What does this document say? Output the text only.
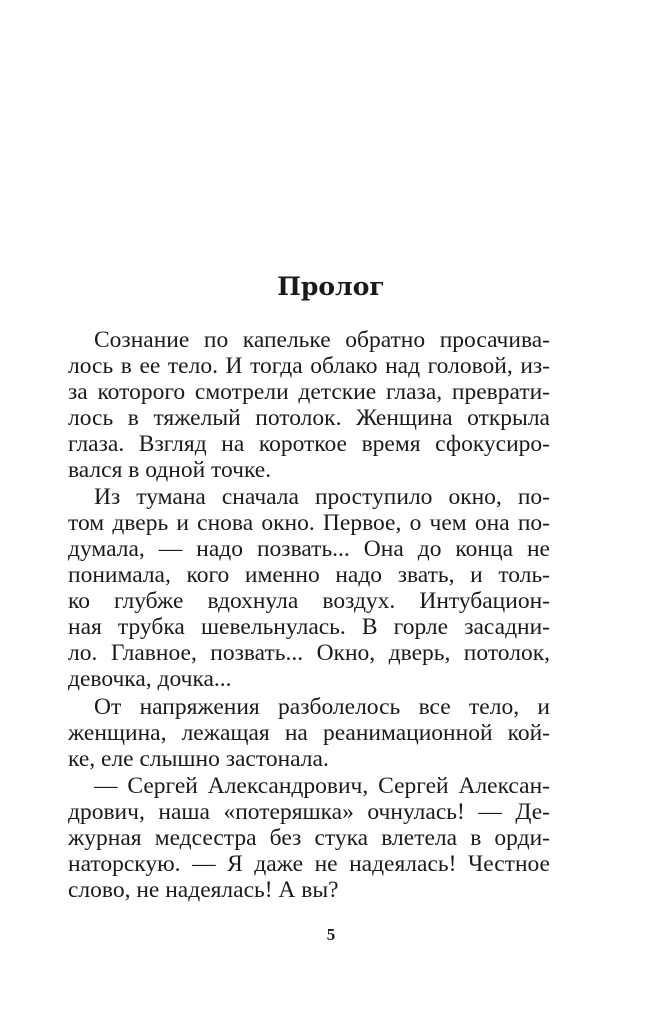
Пролог
Сознание по капельке обратно просачива-
лось в ее тело. И тогда облако над головой, из-
за которого смотрели детские глаза, преврати-
лось в тяжелый потолок. Женщина открыла
глаза. Взгляд на короткое время сфокусиро-
вался в одной точке.
Из тумана сначала проступило окно, по-
том дверь и снова окно. Первое, о чем она по-
думала, — надо позвать... Она до конца не
понимала, кого именно надо звать, и толь-
ко глубже вдохнула воздух. Интубацион-
ная трубка шевельнулась. В горле засадни-
ло. Главное, позвать... Окно, дверь, потолок,
девочка, дочка...
От напряжения разболелось все тело, и
женщина, лежащая на реанимационной кой-
ке, еле слышно застонала.
— Сергей Александрович, Сергей Алексан-
дрович, наша «потеряшка» очнулась! — Де-
журная медсестра без стука влетела в орди-
наторскую. — Я даже не надеялась! Честное
слово, не надеялась! А вы?
5
